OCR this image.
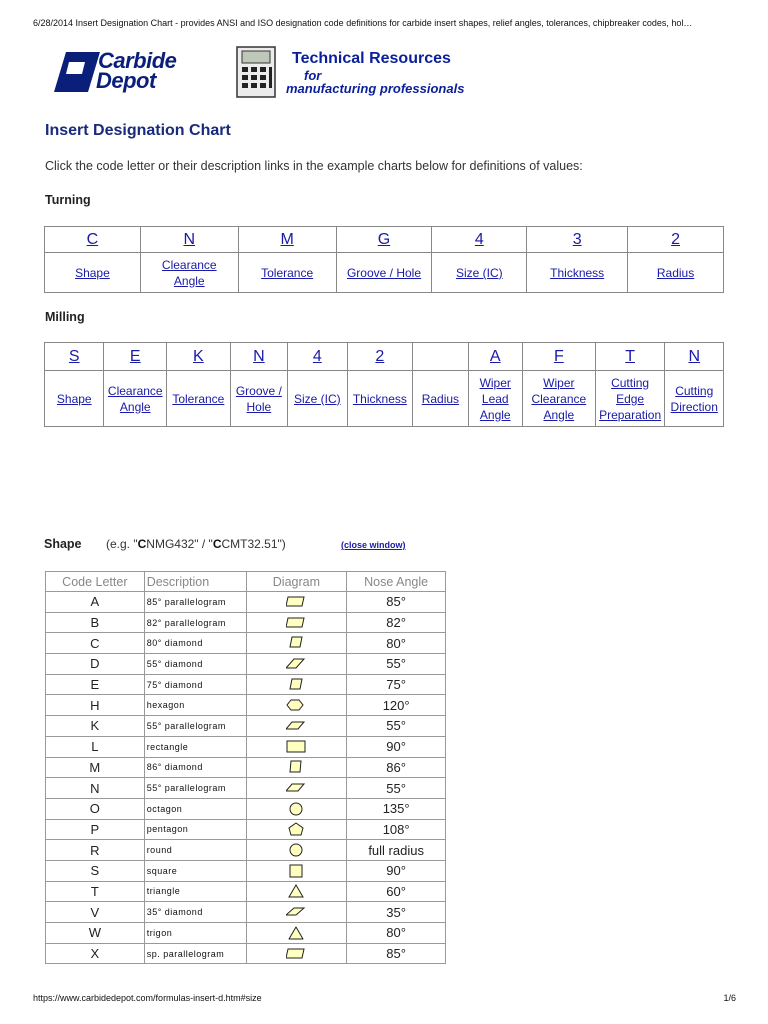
6/28/2014 Insert Designation Chart - provides ANSI and ISO designation code definitions for carbide insert shapes, relief angles, tolerances, chipbreaker codes, hol…
Carbide
Depot
Technical Resources
for
manufacturing professionals
Insert Designation Chart
Click the code letter or their description links in the example charts below for definitions of values:
Turning
C	N	M	G	4	3	2
Shape	Clearance
Angle	Tolerance	Groove / Hole	Size (IC)	Thickness	Radius
Milling
S	E	K	N	4	2		A	F	T	N
Shape	Clearance
Angle	Tolerance	Groove /
Hole	Size (IC)	Thickness	Radius	Wiper
Lead
Angle	Wiper
Clearance
Angle	Cutting
Edge
Preparation	Cutting
Direction
Shape (e.g. "CNMG432" / "CCMT32.51")	(close window)
Code Letter	Description	Diagram	Nose Angle
A	85° parallelogram		85°
B	82° parallelogram		82°
C	80° diamond		80°
D	55° diamond		55°
E	75° diamond		75°
H	hexagon		120°
K	55° parallelogram		55°
L	rectangle		90°
M	86° diamond		86°
N	55° parallelogram		55°
O	octagon		135°
P	pentagon		108°
R	round		full radius
S	square		90°
T	triangle		60°
V	35° diamond		35°
W	trigon		80°
X	sp. parallelogram		85°
https://www.carbidedepot.com/formulas-insert-d.htm#size	1/6
